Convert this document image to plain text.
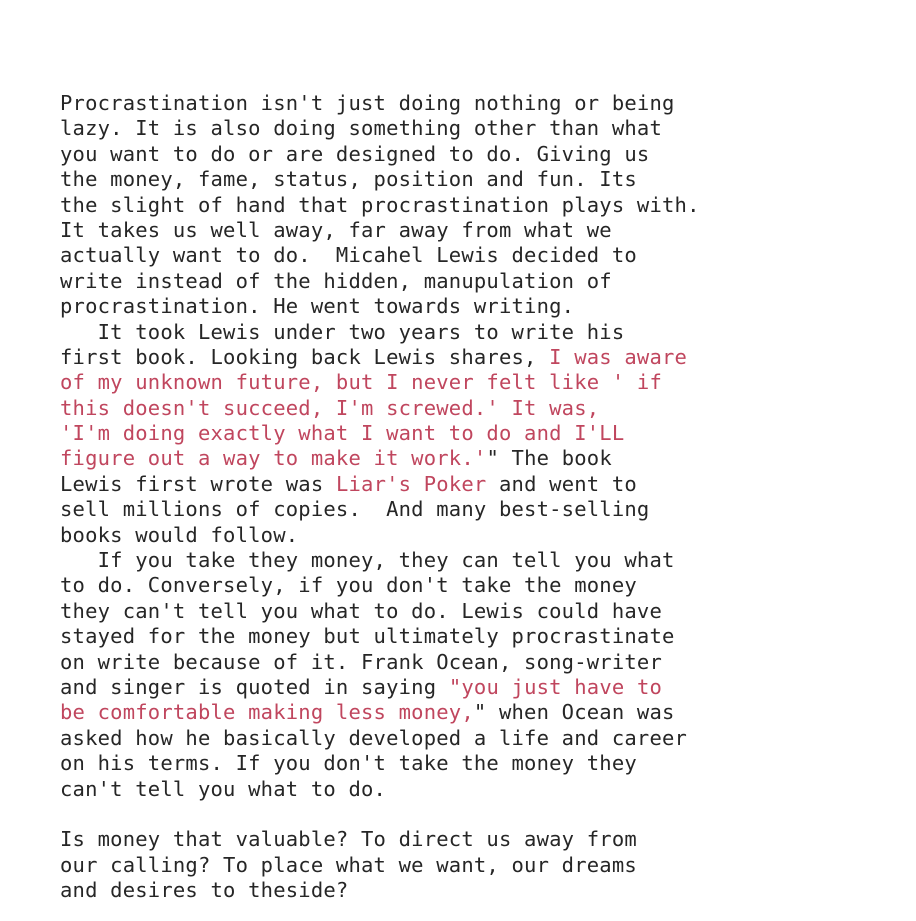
Procrastination isn't just doing nothing or being
lazy. It is also doing something other than what
you want to do or are designed to do. Giving us
the money, fame, status, position and fun. Its
the slight of hand that procrastination plays with.
It takes us well away, far away from what we
actually want to do.  Micahel Lewis decided to
write instead of the hidden, manupulation of
procrastination. He went towards writing.
It took Lewis under two years to write his
first book. Looking back Lewis shares, I was aware
of my unknown future, but I never felt like ' if
this doesn't succeed, I'm screwed.' It was,
'I'm doing exactly what I want to do and I'LL
figure out a way to make it work.'" The book
Lewis first wrote was Liar's Poker and went to
sell millions of copies.  And many best-selling
books would follow.
If you take they money, they can tell you what
to do. Conversely, if you don't take the money
they can't tell you what to do. Lewis could have
stayed for the money but ultimately procrastinate
on write because of it. Frank Ocean, song-writer
and singer is quoted in saying "you just have to
be comfortable making less money," when Ocean was
asked how he basically developed a life and career
on his terms. If you don't take the money they
can't tell you what to do.
Is money that valuable? To direct us away from
our calling? To place what we want, our dreams
and desires to theside?
